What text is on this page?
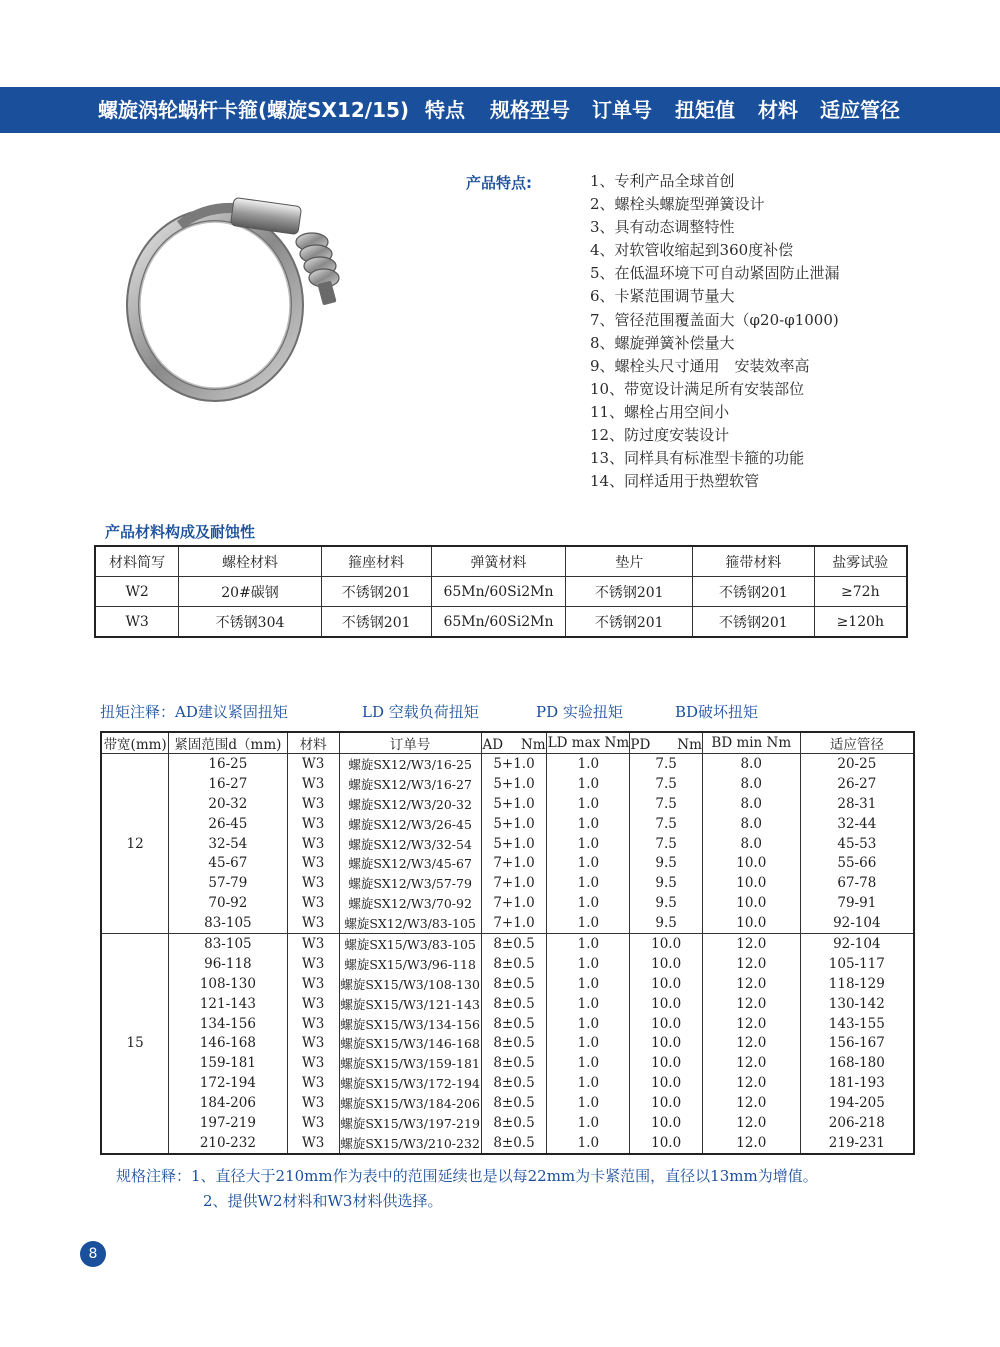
螺旋涡轮蜗杆卡箍(螺旋SX12/15) 特点 规格型号 订单号 扭矩值 材料 适应管径
产品特点:	1、专利产品全球首创
2、螺栓头螺旋型弹簧设计
3、具有动态调整特性
4、对软管收缩起到360度补偿
5、在低温环境下可自动紧固防止泄漏
6、卡紧范围调节量大
7、管径范围覆盖面大（φ20-φ1000)
8、螺旋弹簧补偿量大
9、螺栓头尺寸通用　安装效率高
10、带宽设计满足所有安装部位
11、螺栓占用空间小
12、防过度安装设计
13、同样具有标准型卡箍的功能
14、同样适用于热塑软管
产品材料构成及耐蚀性
材料简写	螺栓材料	箍座材料	弹簧材料	垫片	箍带材料	盐雾试验
W2	20#碳钢	不锈钢201	65Mn/60Si2Mn	不锈钢201	不锈钢201	≥72h
W3	不锈钢304	不锈钢201	65Mn/60Si2Mn	不锈钢201	不锈钢201	≥120h
扭矩注释：AD建议紧固扭矩	LD 空载负荷扭矩	PD 实验扭矩	BD破坏扭矩
带宽(mm)	紧固范围d（mm)	材料	订单号	AD　 Nm	LD max Nm	PD　　Nm	BD min Nm	适应管径
12	16-25	W3	螺旋SX12/W3/16-25	5+1.0	1.0	7.5	8.0	20-25
	16-27	W3	螺旋SX12/W3/16-27	5+1.0	1.0	7.5	8.0	26-27
	20-32	W3	螺旋SX12/W3/20-32	5+1.0	1.0	7.5	8.0	28-31
	26-45	W3	螺旋SX12/W3/26-45	5+1.0	1.0	7.5	8.0	32-44
	32-54	W3	螺旋SX12/W3/32-54	5+1.0	1.0	7.5	8.0	45-53
	45-67	W3	螺旋SX12/W3/45-67	7+1.0	1.0	9.5	10.0	55-66
	57-79	W3	螺旋SX12/W3/57-79	7+1.0	1.0	9.5	10.0	67-78
	70-92	W3	螺旋SX12/W3/70-92	7+1.0	1.0	9.5	10.0	79-91
	83-105	W3	螺旋SX12/W3/83-105	7+1.0	1.0	9.5	10.0	92-104
15	83-105	W3	螺旋SX15/W3/83-105	8±0.5	1.0	10.0	12.0	92-104
	96-118	W3	螺旋SX15/W3/96-118	8±0.5	1.0	10.0	12.0	105-117
	108-130	W3	螺旋SX15/W3/108-130	8±0.5	1.0	10.0	12.0	118-129
	121-143	W3	螺旋SX15/W3/121-143	8±0.5	1.0	10.0	12.0	130-142
	134-156	W3	螺旋SX15/W3/134-156	8±0.5	1.0	10.0	12.0	143-155
	146-168	W3	螺旋SX15/W3/146-168	8±0.5	1.0	10.0	12.0	156-167
	159-181	W3	螺旋SX15/W3/159-181	8±0.5	1.0	10.0	12.0	168-180
	172-194	W3	螺旋SX15/W3/172-194	8±0.5	1.0	10.0	12.0	181-193
	184-206	W3	螺旋SX15/W3/184-206	8±0.5	1.0	10.0	12.0	194-205
	197-219	W3	螺旋SX15/W3/197-219	8±0.5	1.0	10.0	12.0	206-218
	210-232	W3	螺旋SX15/W3/210-232	8±0.5	1.0	10.0	12.0	219-231
规格注释：1、直径大于210mm作为表中的范围延续也是以每22mm为卡紧范围，直径以13mm为增值。
2、提供W2材料和W3材料供选择。
8
